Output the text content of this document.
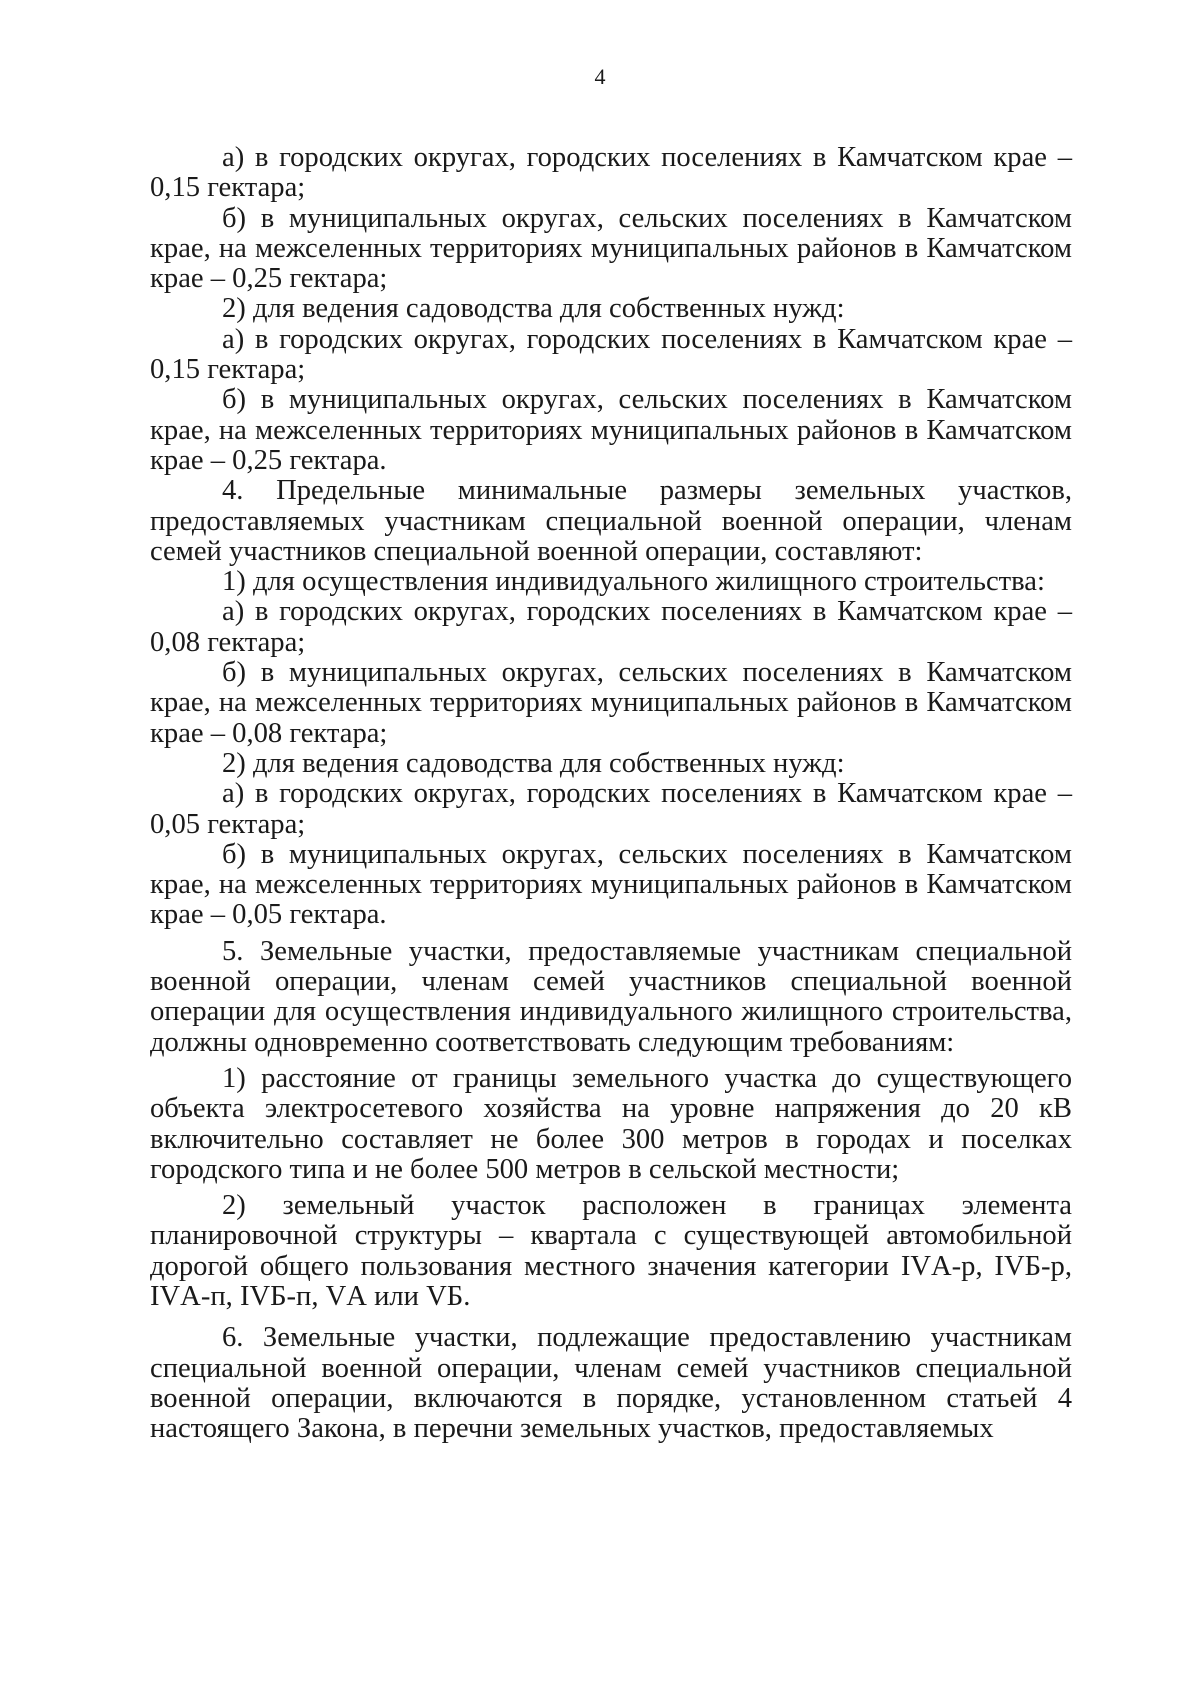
4

а) в городских округах, городских поселениях в Камчатском крае – 0,15 гектара;

б) в муниципальных округах, сельских поселениях в Камчатском крае, на межселенных территориях муниципальных районов в Камчатском крае – 0,25 гектара;

2) для ведения садоводства для собственных нужд:

а) в городских округах, городских поселениях в Камчатском крае – 0,15 гектара;

б) в муниципальных округах, сельских поселениях в Камчатском крае, на межселенных территориях муниципальных районов в Камчатском крае – 0,25 гектара.

4. Предельные минимальные размеры земельных участков, предоставляемых участникам специальной военной операции, членам семей участников специальной военной операции, составляют:

1) для осуществления индивидуального жилищного строительства:

а) в городских округах, городских поселениях в Камчатском крае – 0,08 гектара;

б) в муниципальных округах, сельских поселениях в Камчатском крае, на межселенных территориях муниципальных районов в Камчатском крае – 0,08 гектара;

2) для ведения садоводства для собственных нужд:

а) в городских округах, городских поселениях в Камчатском крае – 0,05 гектара;

б) в муниципальных округах, сельских поселениях в Камчатском крае, на межселенных территориях муниципальных районов в Камчатском крае – 0,05 гектара.

5. Земельные участки, предоставляемые участникам специальной военной операции, членам семей участников специальной военной операции для осуществления индивидуального жилищного строительства, должны одновременно соответствовать следующим требованиям:

1) расстояние от границы земельного участка до существующего объекта электросетевого хозяйства на уровне напряжения до 20 кВ включительно составляет не более 300 метров в городах и поселках городского типа и не более 500 метров в сельской местности;

2) земельный участок расположен в границах элемента планировочной структуры – квартала с существующей автомобильной дорогой общего пользования местного значения категории IVА-р, IVБ-р, IVА-п, IVБ-п, VА или VБ.

6. Земельные участки, подлежащие предоставлению участникам специальной военной операции, членам семей участников специальной военной операции, включаются в порядке, установленном статьей 4 настоящего Закона, в перечни земельных участков, предоставляемых
